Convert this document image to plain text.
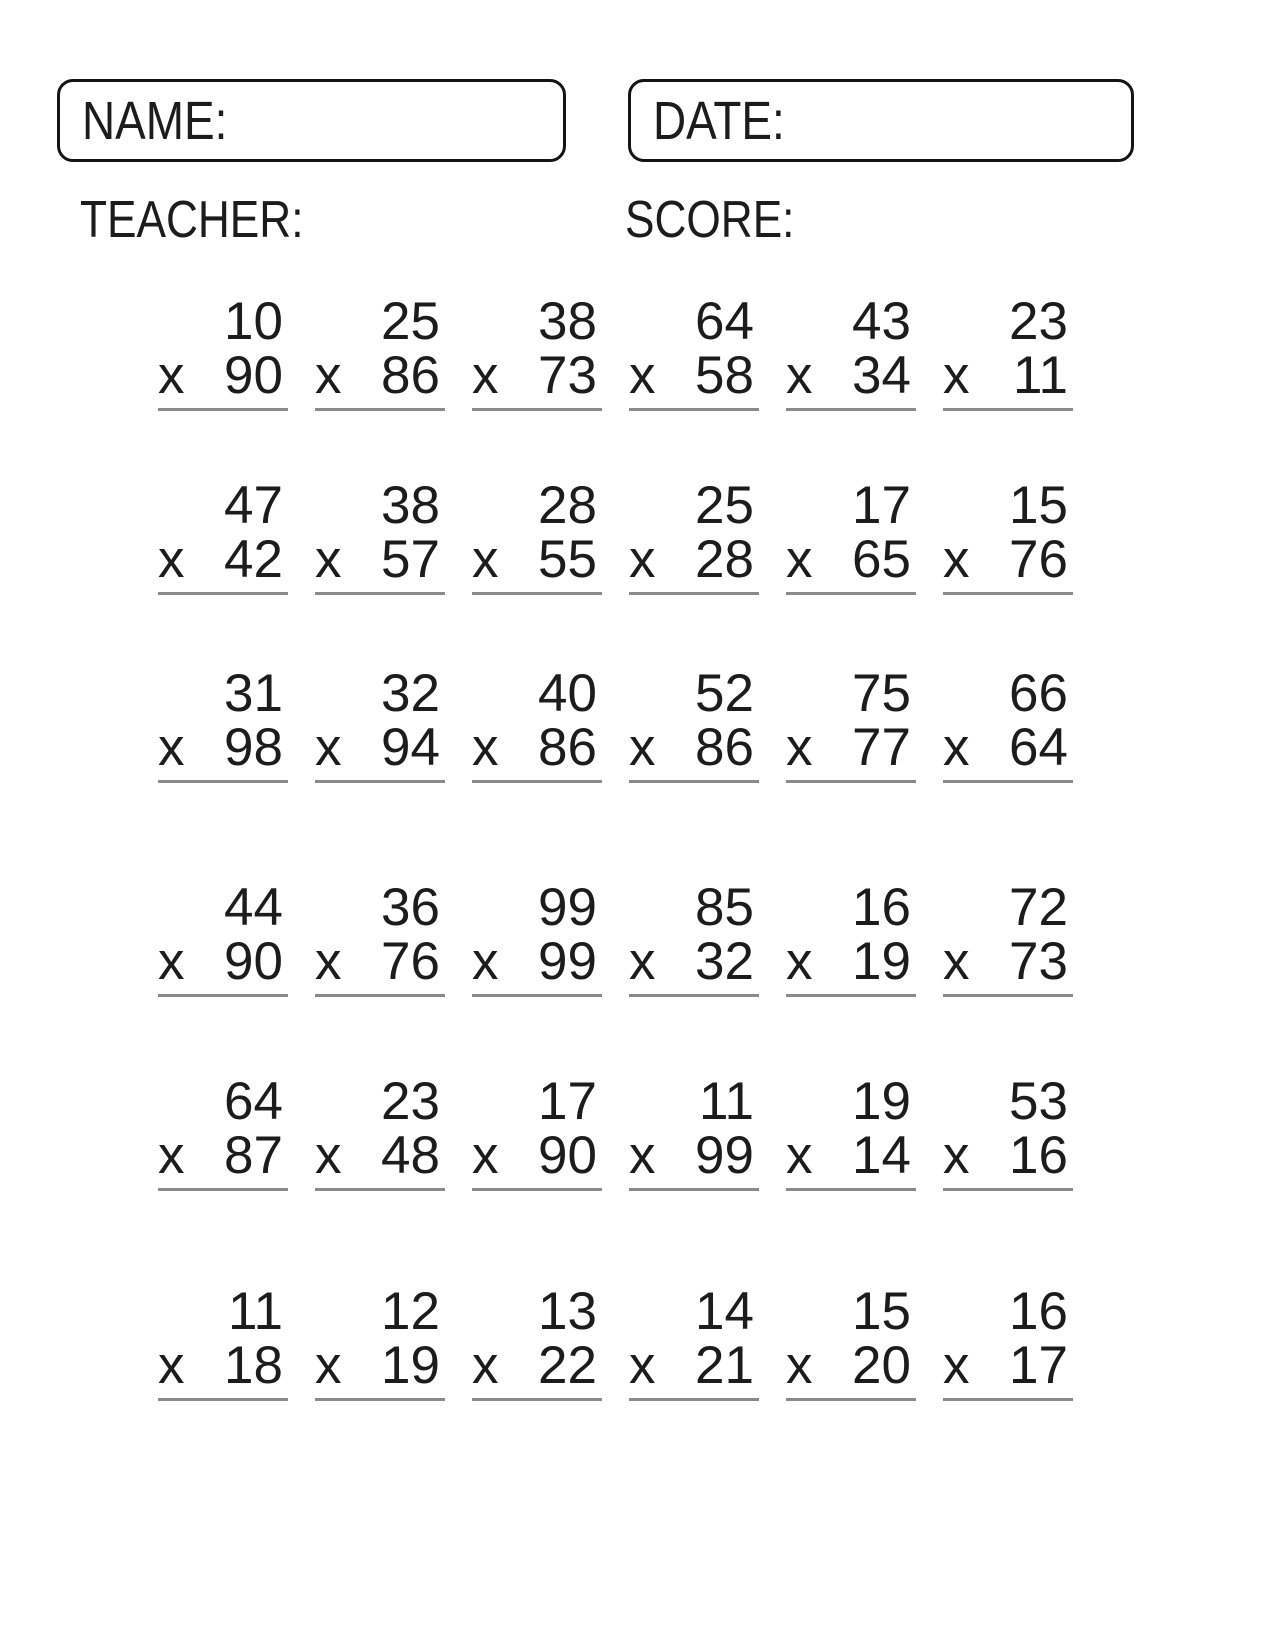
NAME:	DATE:
TEACHER:	SCORE:
10
x 90
25
x 86
38
x 73
64
x 58
43
x 34
23
x 11
47
x 42
38
x 57
28
x 55
25
x 28
17
x 65
15
x 76
31
x 98
32
x 94
40
x 86
52
x 86
75
x 77
66
x 64
44
x 90
36
x 76
99
x 99
85
x 32
16
x 19
72
x 73
64
x 87
23
x 48
17
x 90
11
x 99
19
x 14
53
x 16
11
x 18
12
x 19
13
x 22
14
x 21
15
x 20
16
x 17
